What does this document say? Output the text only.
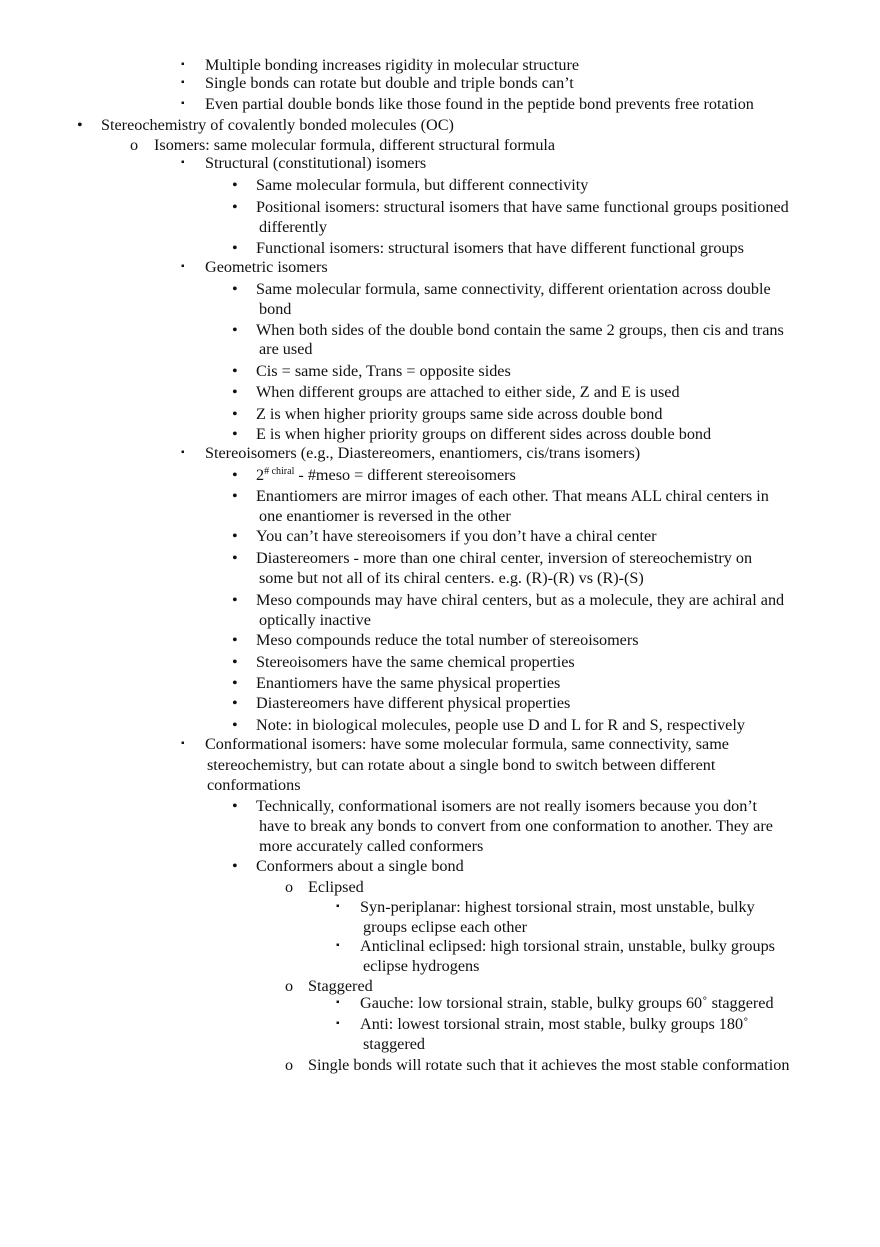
▪ Multiple bonding increases rigidity in molecular structure
▪ Single bonds can rotate but double and triple bonds can’t
▪ Even partial double bonds like those found in the peptide bond prevents free rotation
• Stereochemistry of covalently bonded molecules (OC)
o Isomers: same molecular formula, different structural formula
▪ Structural (constitutional) isomers
• Same molecular formula, but different connectivity
• Positional isomers: structural isomers that have same functional groups positioned
differently
• Functional isomers: structural isomers that have different functional groups
▪ Geometric isomers
• Same molecular formula, same connectivity, different orientation across double
bond
• When both sides of the double bond contain the same 2 groups, then cis and trans
are used
• Cis = same side, Trans = opposite sides
• When different groups are attached to either side, Z and E is used
• Z is when higher priority groups same side across double bond
• E is when higher priority groups on different sides across double bond
▪ Stereoisomers (e.g., Diastereomers, enantiomers, cis/trans isomers)
• $2^{\# chiral}$ - #meso = different stereoisomers
• Enantiomers are mirror images of each other. That means ALL chiral centers in
one enantiomer is reversed in the other
• You can’t have stereoisomers if you don’t have a chiral center
• Diastereomers - more than one chiral center, inversion of stereochemistry on
some but not all of its chiral centers. e.g. (R)-(R) vs (R)-(S)
• Meso compounds may have chiral centers, but as a molecule, they are achiral and
optically inactive
• Meso compounds reduce the total number of stereoisomers
• Stereoisomers have the same chemical properties
• Enantiomers have the same physical properties
• Diastereomers have different physical properties
• Note: in biological molecules, people use D and L for R and S, respectively
▪ Conformational isomers: have some molecular formula, same connectivity, same
stereochemistry, but can rotate about a single bond to switch between different
conformations
• Technically, conformational isomers are not really isomers because you don’t
have to break any bonds to convert from one conformation to another. They are
more accurately called conformers
• Conformers about a single bond
o Eclipsed
▪ Syn-periplanar: highest torsional strain, most unstable, bulky
groups eclipse each other
▪ Anticlinal eclipsed: high torsional strain, unstable, bulky groups
eclipse hydrogens
o Staggered
▪ Gauche: low torsional strain, stable, bulky groups 60˚ staggered
▪ Anti: lowest torsional strain, most stable, bulky groups 180˚
staggered
o Single bonds will rotate such that it achieves the most stable conformation
